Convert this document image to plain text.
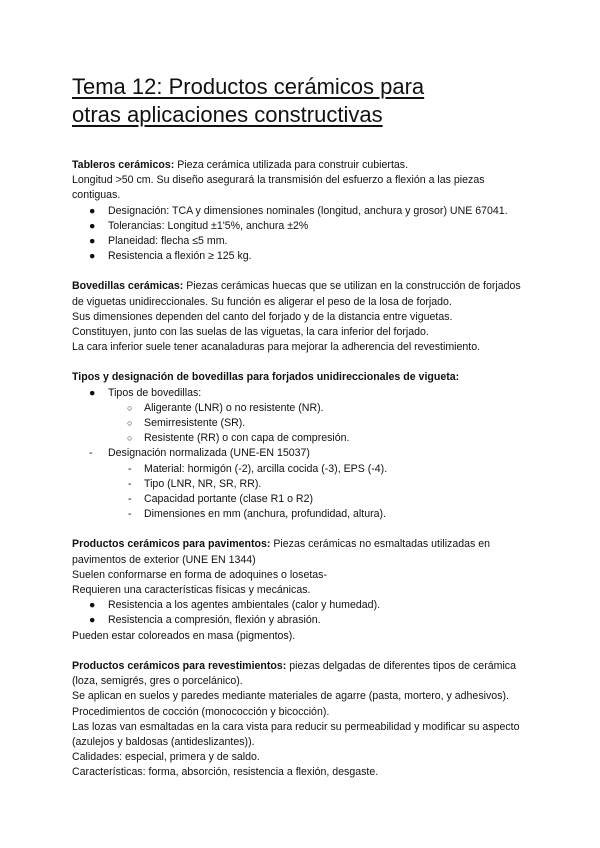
Tema 12: Productos cerámicos para
otras aplicaciones constructivas

Tableros cerámicos: Pieza cerámica utilizada para construir cubiertas.

Longitud >50 cm. Su diseño asegurará la transmisión del esfuerzo a flexión a las piezas contiguas.

● Designación: TCA y dimensiones nominales (longitud, anchura y grosor) UNE 67041.
● Tolerancias: Longitud ±1'5%, anchura ±2%
● Planeidad: flecha ≤5 mm.
● Resistencia a flexión ≥ 125 kg.

Bovedillas cerámicas: Piezas cerámicas huecas que se utilizan en la construcción de forjados de viguetas unidireccionales. Su función es aligerar el peso de la losa de forjado.

Sus dimensiones dependen del canto del forjado y de la distancia entre viguetas.

Constituyen, junto con las suelas de las viguetas, la cara inferior del forjado.

La cara inferior suele tener acanaladuras para mejorar la adherencia del revestimiento.

Tipos y designación de bovedillas para forjados unidireccionales de vigueta:

● Tipos de bovedillas:
○ Aligerante (LNR) o no resistente (NR).
○ Semirresistente (SR).
○ Resistente (RR) o con capa de compresión.
- Designación normalizada (UNE-EN 15037)
- Material: hormigón (-2), arcilla cocida (-3), EPS (-4).
- Tipo (LNR, NR, SR, RR).
- Capacidad portante (clase R1 o R2)
- Dimensiones en mm (anchura, profundidad, altura).

Productos cerámicos para pavimentos: Piezas cerámicas no esmaltadas utilizadas en pavimentos de exterior (UNE EN 1344)

Suelen conformarse en forma de adoquines o losetas-

Requieren una características físicas y mecánicas.

● Resistencia a los agentes ambientales (calor y humedad).
● Resistencia a compresión, flexión y abrasión.

Pueden estar coloreados en masa (pigmentos).

Productos cerámicos para revestimientos: piezas delgadas de diferentes tipos de cerámica (loza, semigrés, gres o porcelánico).

Se aplican en suelos y paredes mediante materiales de agarre (pasta, mortero, y adhesivos). Procedimientos de cocción (monococción y bicocción).

Las lozas van esmaltadas en la cara vista para reducir su permeabilidad y modificar su aspecto (azulejos y baldosas (antideslizantes)).

Calidades: especial, primera y de saldo.

Características: forma, absorción, resistencia a flexión, desgaste.
